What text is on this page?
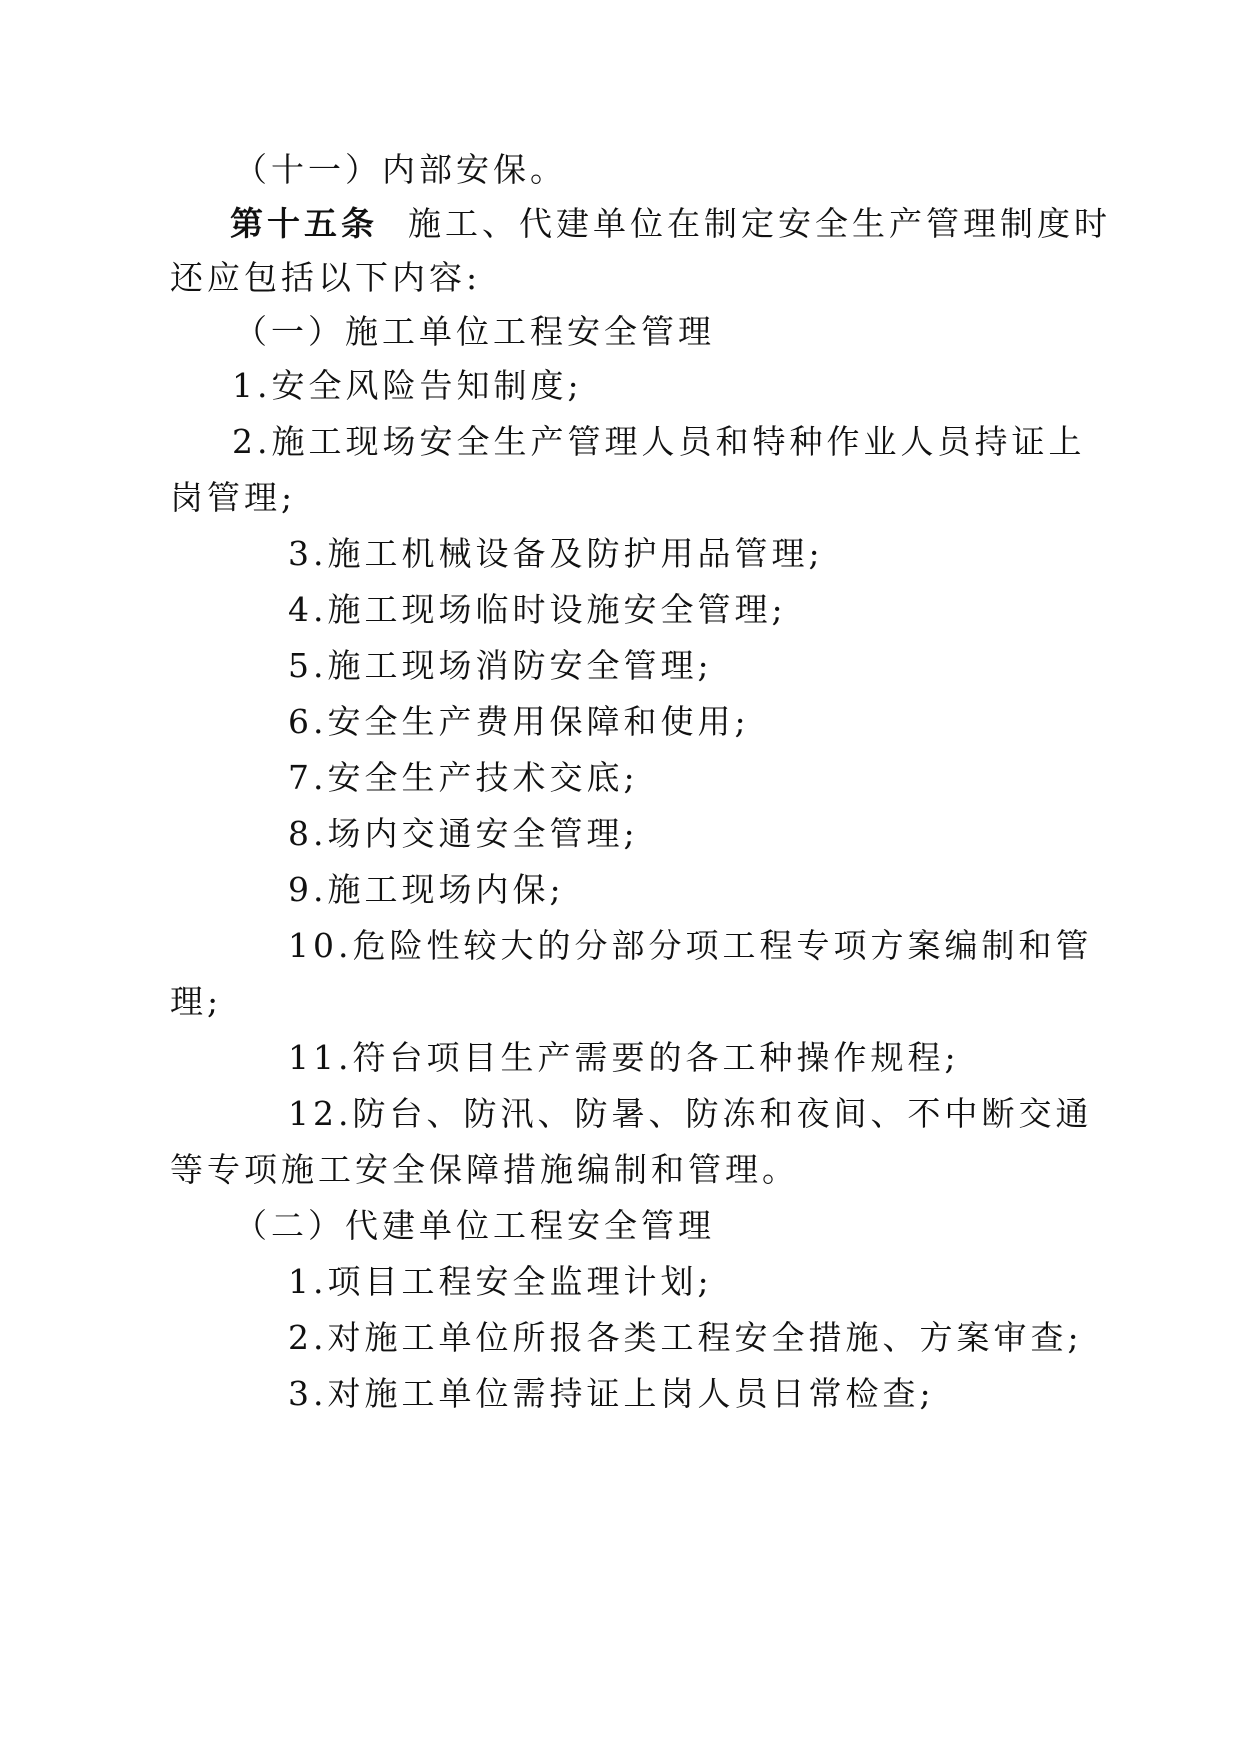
（十一）内部安保。
第十五条 施工、代建单位在制定安全生产管理制度时
还应包括以下内容:
（一）施工单位工程安全管理
1.安全风险告知制度;
2.施工现场安全生产管理人员和特种作业人员持证上
岗管理;
3.施工机械设备及防护用品管理;
4.施工现场临时设施安全管理;
5.施工现场消防安全管理;
6.安全生产费用保障和使用;
7.安全生产技术交底;
8.场内交通安全管理;
9.施工现场内保;
10.危险性较大的分部分项工程专项方案编制和管
理;
11.符台项目生产需要的各工种操作规程;
12.防台、防汛、防暑、防冻和夜间、不中断交通
等专项施工安全保障措施编制和管理。
（二）代建单位工程安全管理
1.项目工程安全监理计划;
2.对施工单位所报各类工程安全措施、方案审查;
3.对施工单位需持证上岗人员日常检查;
